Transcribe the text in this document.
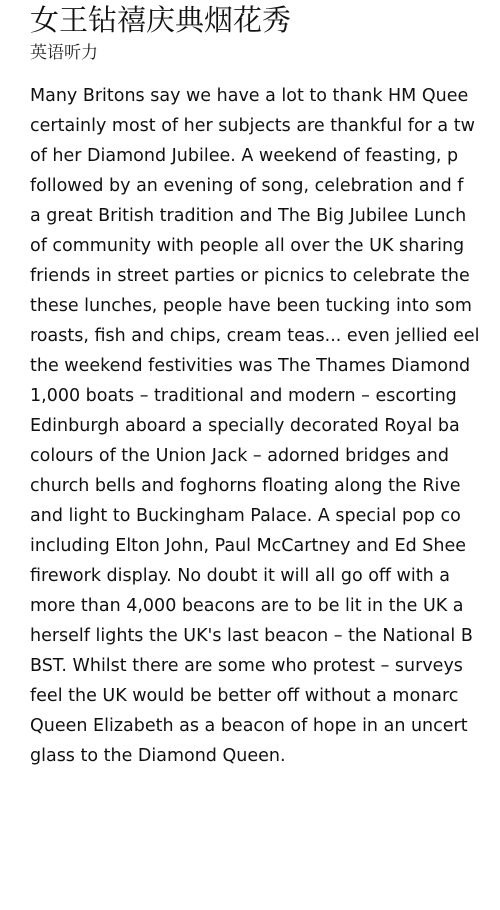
女王钻禧庆典烟花秀
英语听力
Many Britons say we have a lot to thank HM Quee
certainly most of her subjects are thankful for a tw
of her Diamond Jubilee. A weekend of feasting, p
followed by an evening of song, celebration and f
a great British tradition and The Big Jubilee Lunch
of community with people all over the UK sharing
friends in street parties or picnics to celebrate the
these lunches, people have been tucking into som
roasts, fish and chips, cream teas... even jellied eel
the weekend festivities was The Thames Diamond
1,000 boats – traditional and modern – escorting
Edinburgh aboard a specially decorated Royal ba
colours of the Union Jack – adorned bridges and
church bells and foghorns floating along the Rive
and light to Buckingham Palace. A special pop co
including Elton John, Paul McCartney and Ed Shee
firework display. No doubt it will all go off with a
more than 4,000 beacons are to be lit in the UK a
herself lights the UK's last beacon – the National B
BST. Whilst there are some who protest – surveys
feel the UK would be better off without a monarc
Queen Elizabeth as a beacon of hope in an uncert
glass to the Diamond Queen.
